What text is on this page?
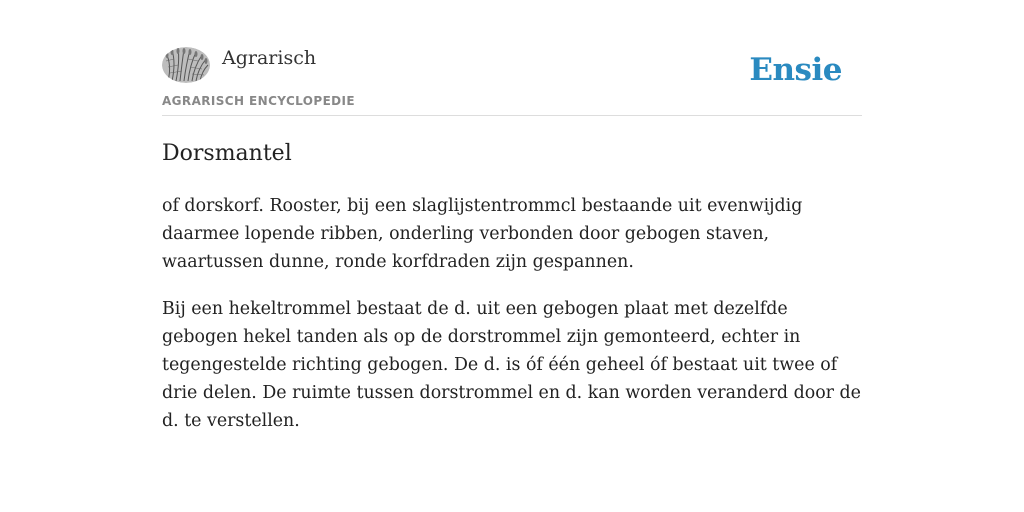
Agrarisch
AGRARISCH ENCYCLOPEDIE
Ensie
Dorsmantel

of dorskorf. Rooster, bij een slaglijstentrommcl bestaande uit evenwijdig daarmee lopende ribben, onderling verbonden door gebogen staven, waartussen dunne, ronde korfdraden zijn gespannen.

Bij een hekeltrommel bestaat de d. uit een gebogen plaat met dezelfde gebogen hekel tanden als op de dorstrommel zijn gemonteerd, echter in tegengestelde richting gebogen. De d. is óf één geheel óf bestaat uit twee of drie delen. De ruimte tussen dorstrommel en d. kan worden veranderd door de d. te verstellen.
